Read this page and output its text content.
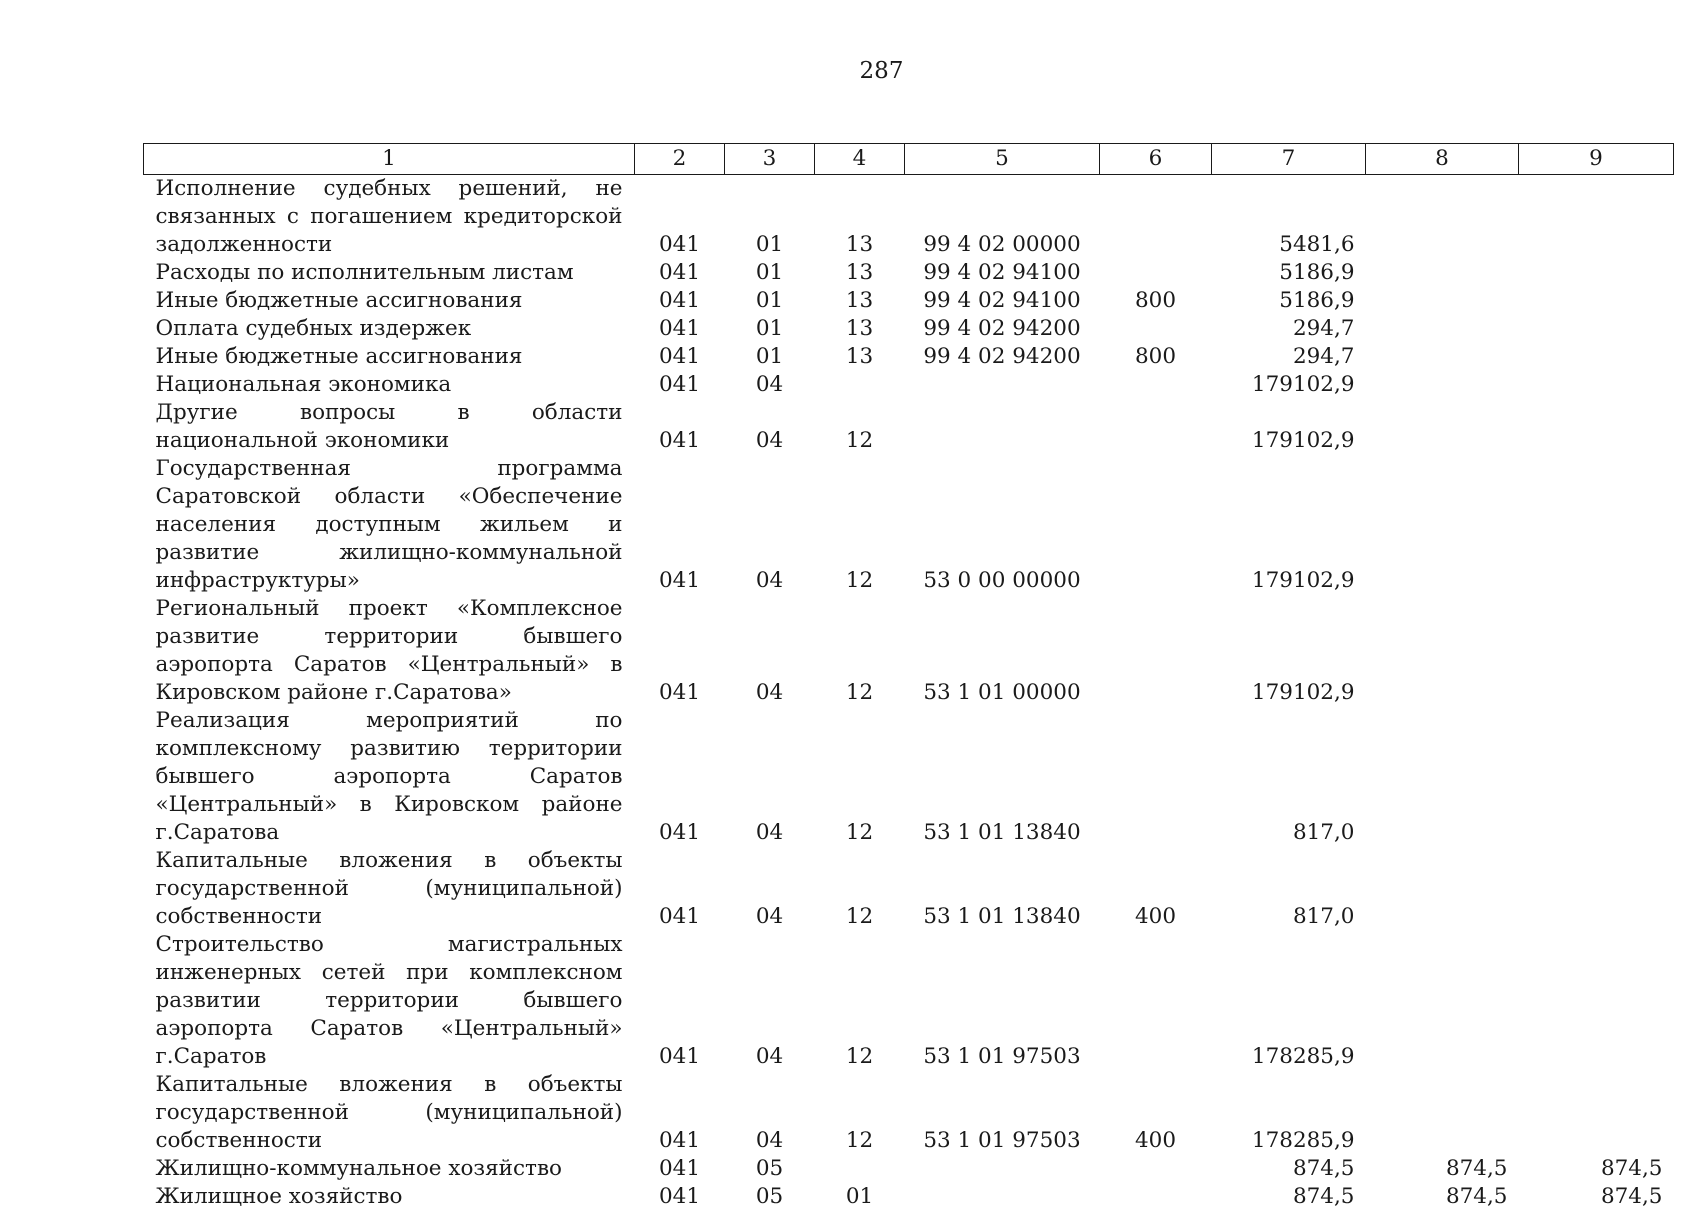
287
1	2	3	4	5	6	7	8	9
Исполнение судебных решений, не связанных с погашением кредиторской задолженности	041	01	13	99 4 02 00000		5481,6		
Расходы по исполнительным листам	041	01	13	99 4 02 94100		5186,9		
Иные бюджетные ассигнования	041	01	13	99 4 02 94100	800	5186,9		
Оплата судебных издержек	041	01	13	99 4 02 94200		294,7		
Иные бюджетные ассигнования	041	01	13	99 4 02 94200	800	294,7		
Национальная экономика	041	04				179102,9		
Другие вопросы в области национальной экономики	041	04	12			179102,9		
Государственная программа Саратовской области «Обеспечение населения доступным жильем и развитие жилищно-коммунальной инфраструктуры»	041	04	12	53 0 00 00000		179102,9		
Региональный проект «Комплексное развитие территории бывшего аэропорта Саратов «Центральный» в Кировском районе г.Саратова»	041	04	12	53 1 01 00000		179102,9		
Реализация мероприятий по комплексному развитию территории бывшего аэропорта Саратов «Центральный» в Кировском районе г.Саратова	041	04	12	53 1 01 13840		817,0		
Капитальные вложения в объекты государственной (муниципальной) собственности	041	04	12	53 1 01 13840	400	817,0		
Строительство магистральных инженерных сетей при комплексном развитии территории бывшего аэропорта Саратов «Центральный» г.Саратов	041	04	12	53 1 01 97503		178285,9		
Капитальные вложения в объекты государственной (муниципальной) собственности	041	04	12	53 1 01 97503	400	178285,9		
Жилищно-коммунальное хозяйство	041	05				874,5	874,5	874,5
Жилищное хозяйство	041	05	01			874,5	874,5	874,5
